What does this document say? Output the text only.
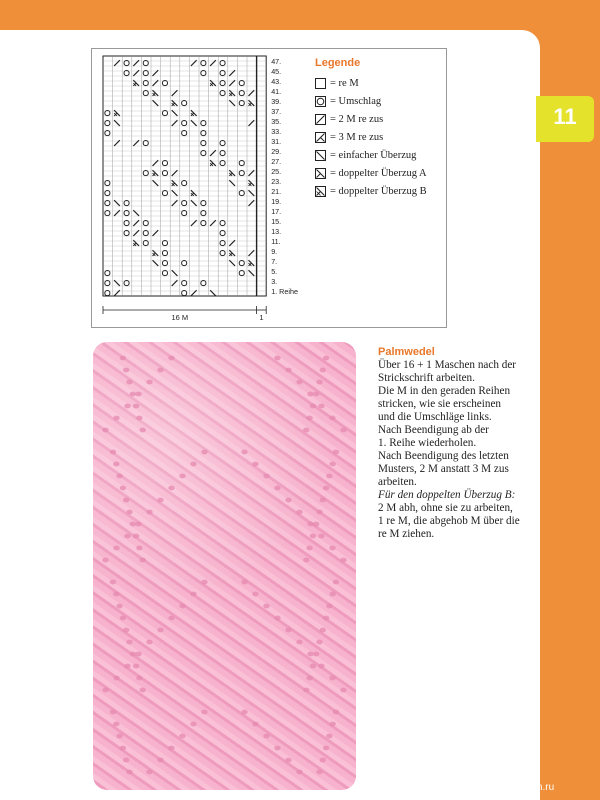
11
47.
45.
43.
41.
39.
37.
35.
33.
31.
29.
27.
25.
23.
21.
19.
17.
15.
13.
11.
9.
7.
5.
3.
1. Reihe
16 M	1
Legende
= re M
= Umschlag
= 2 M re zus
= 3 M re zus
= einfacher Überzug
= doppelter Überzug A
= doppelter Überzug B
Palmwedel
Über 16 + 1 Maschen nach der
Strickschrift arbeiten.
Die M in den geraden Reihen
stricken, wie sie erscheinen
und die Umschläge links.
Nach Beendigung ab der
1. Reihe wiederholen.
Nach Beendigung des letzten
Musters, 2 M anstatt 3 M zus
arbeiten.
Für den doppelten Überzug B:
2 M abh, ohne sie zu arbeiten,
1 re M, die abgehob M über die
re M ziehen.
PassionForum.ru
